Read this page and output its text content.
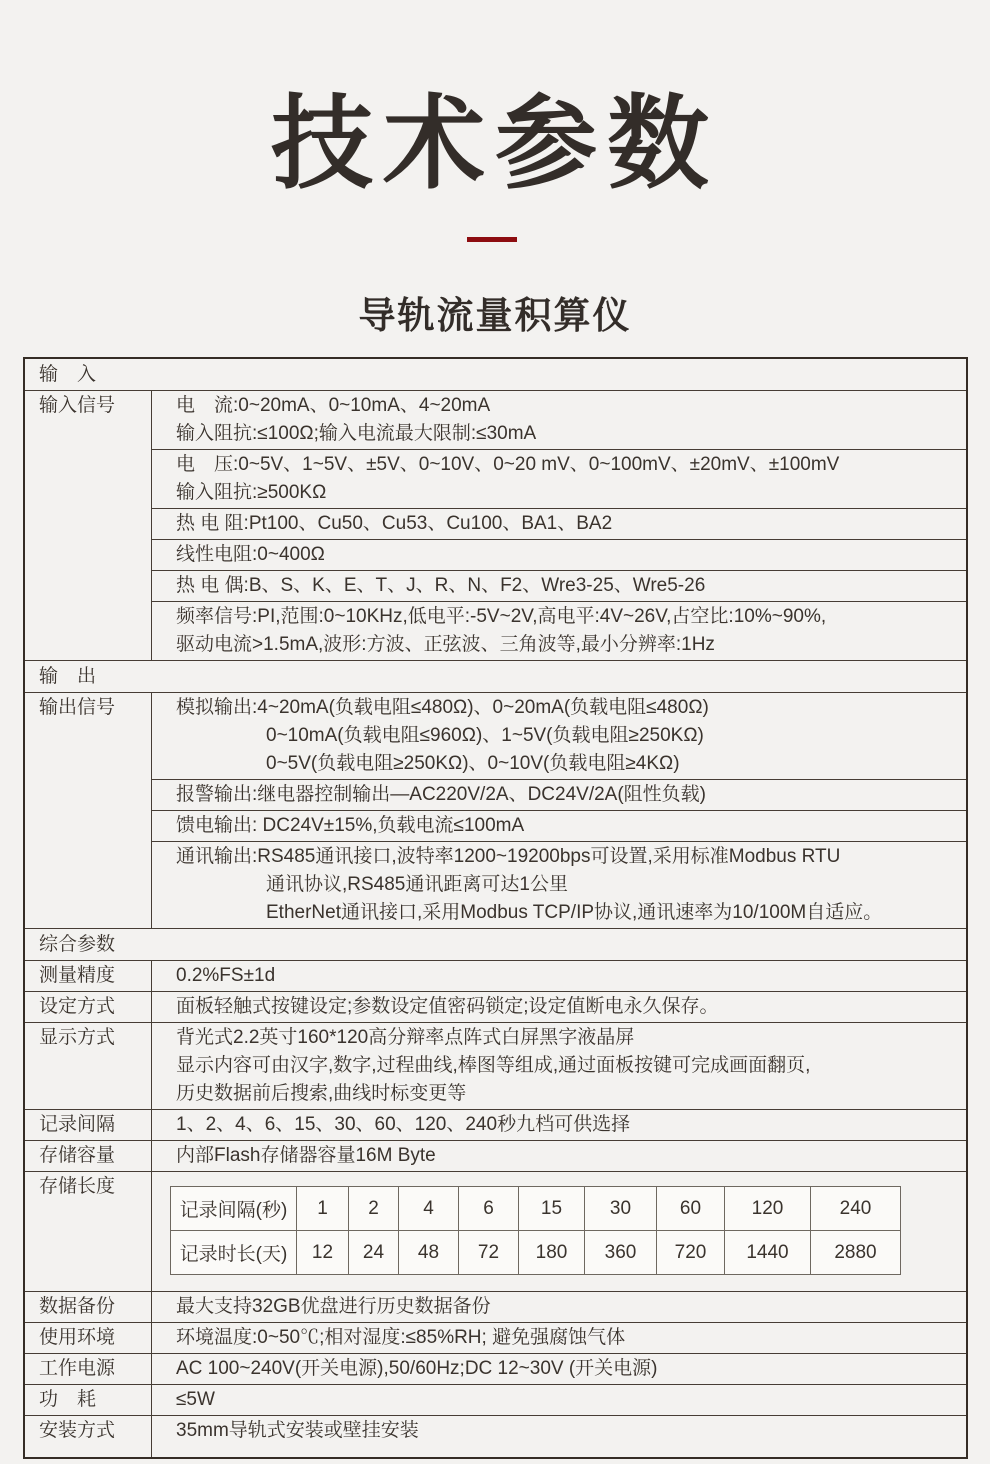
技术参数
导轨流量积算仪
输　入
输入信号	电　流:0~20mA、0~10mA、4~20mA
输入阻抗:≤100Ω;输入电流最大限制:≤30mA
电　压:0~5V、1~5V、±5V、0~10V、0~20 mV、0~100mV、±20mV、±100mV
输入阻抗:≥500KΩ
热 电 阻:Pt100、Cu50、Cu53、Cu100、BA1、BA2
线性电阻:0~400Ω
热 电 偶:B、S、K、E、T、J、R、N、F2、Wre3-25、Wre5-26
频率信号:PI,范围:0~10KHz,低电平:-5V~2V,高电平:4V~26V,占空比:10%~90%,
驱动电流>1.5mA,波形:方波、正弦波、三角波等,最小分辨率:1Hz
输　出
输出信号	模拟输出:4~20mA(负载电阻≤480Ω)、0~20mA(负载电阻≤480Ω)
0~10mA(负载电阻≤960Ω)、1~5V(负载电阻≥250KΩ)
0~5V(负载电阻≥250KΩ)、0~10V(负载电阻≥4KΩ)
报警输出:继电器控制输出—AC220V/2A、DC24V/2A(阻性负载)
馈电输出: DC24V±15%,负载电流≤100mA
通讯输出:RS485通讯接口,波特率1200~19200bps可设置,采用标准Modbus RTU
通讯协议,RS485通讯距离可达1公里
EtherNet通讯接口,采用Modbus TCP/IP协议,通讯速率为10/100M自适应。
综合参数
测量精度	0.2%FS±1d
设定方式	面板轻触式按键设定;参数设定值密码锁定;设定值断电永久保存。
显示方式	背光式2.2英寸160*120高分辩率点阵式白屏黑字液晶屏
显示内容可由汉字,数字,过程曲线,棒图等组成,通过面板按键可完成画面翻页,
历史数据前后搜索,曲线时标变更等
记录间隔	1、2、4、6、15、30、60、120、240秒九档可供选择
存储容量	内部Flash存储器容量16M Byte
存储长度
记录间隔(秒)	1	2	4	6	15	30	60	120	240
记录时长(天)	12	24	48	72	180	360	720	1440	2880
数据备份	最大支持32GB优盘进行历史数据备份
使用环境	环境温度:0~50℃;相对湿度:≤85%RH; 避免强腐蚀气体
工作电源	AC 100~240V(开关电源),50/60Hz;DC 12~30V (开关电源)
功　耗	≤5W
安装方式	35mm导轨式安装或壁挂安装
